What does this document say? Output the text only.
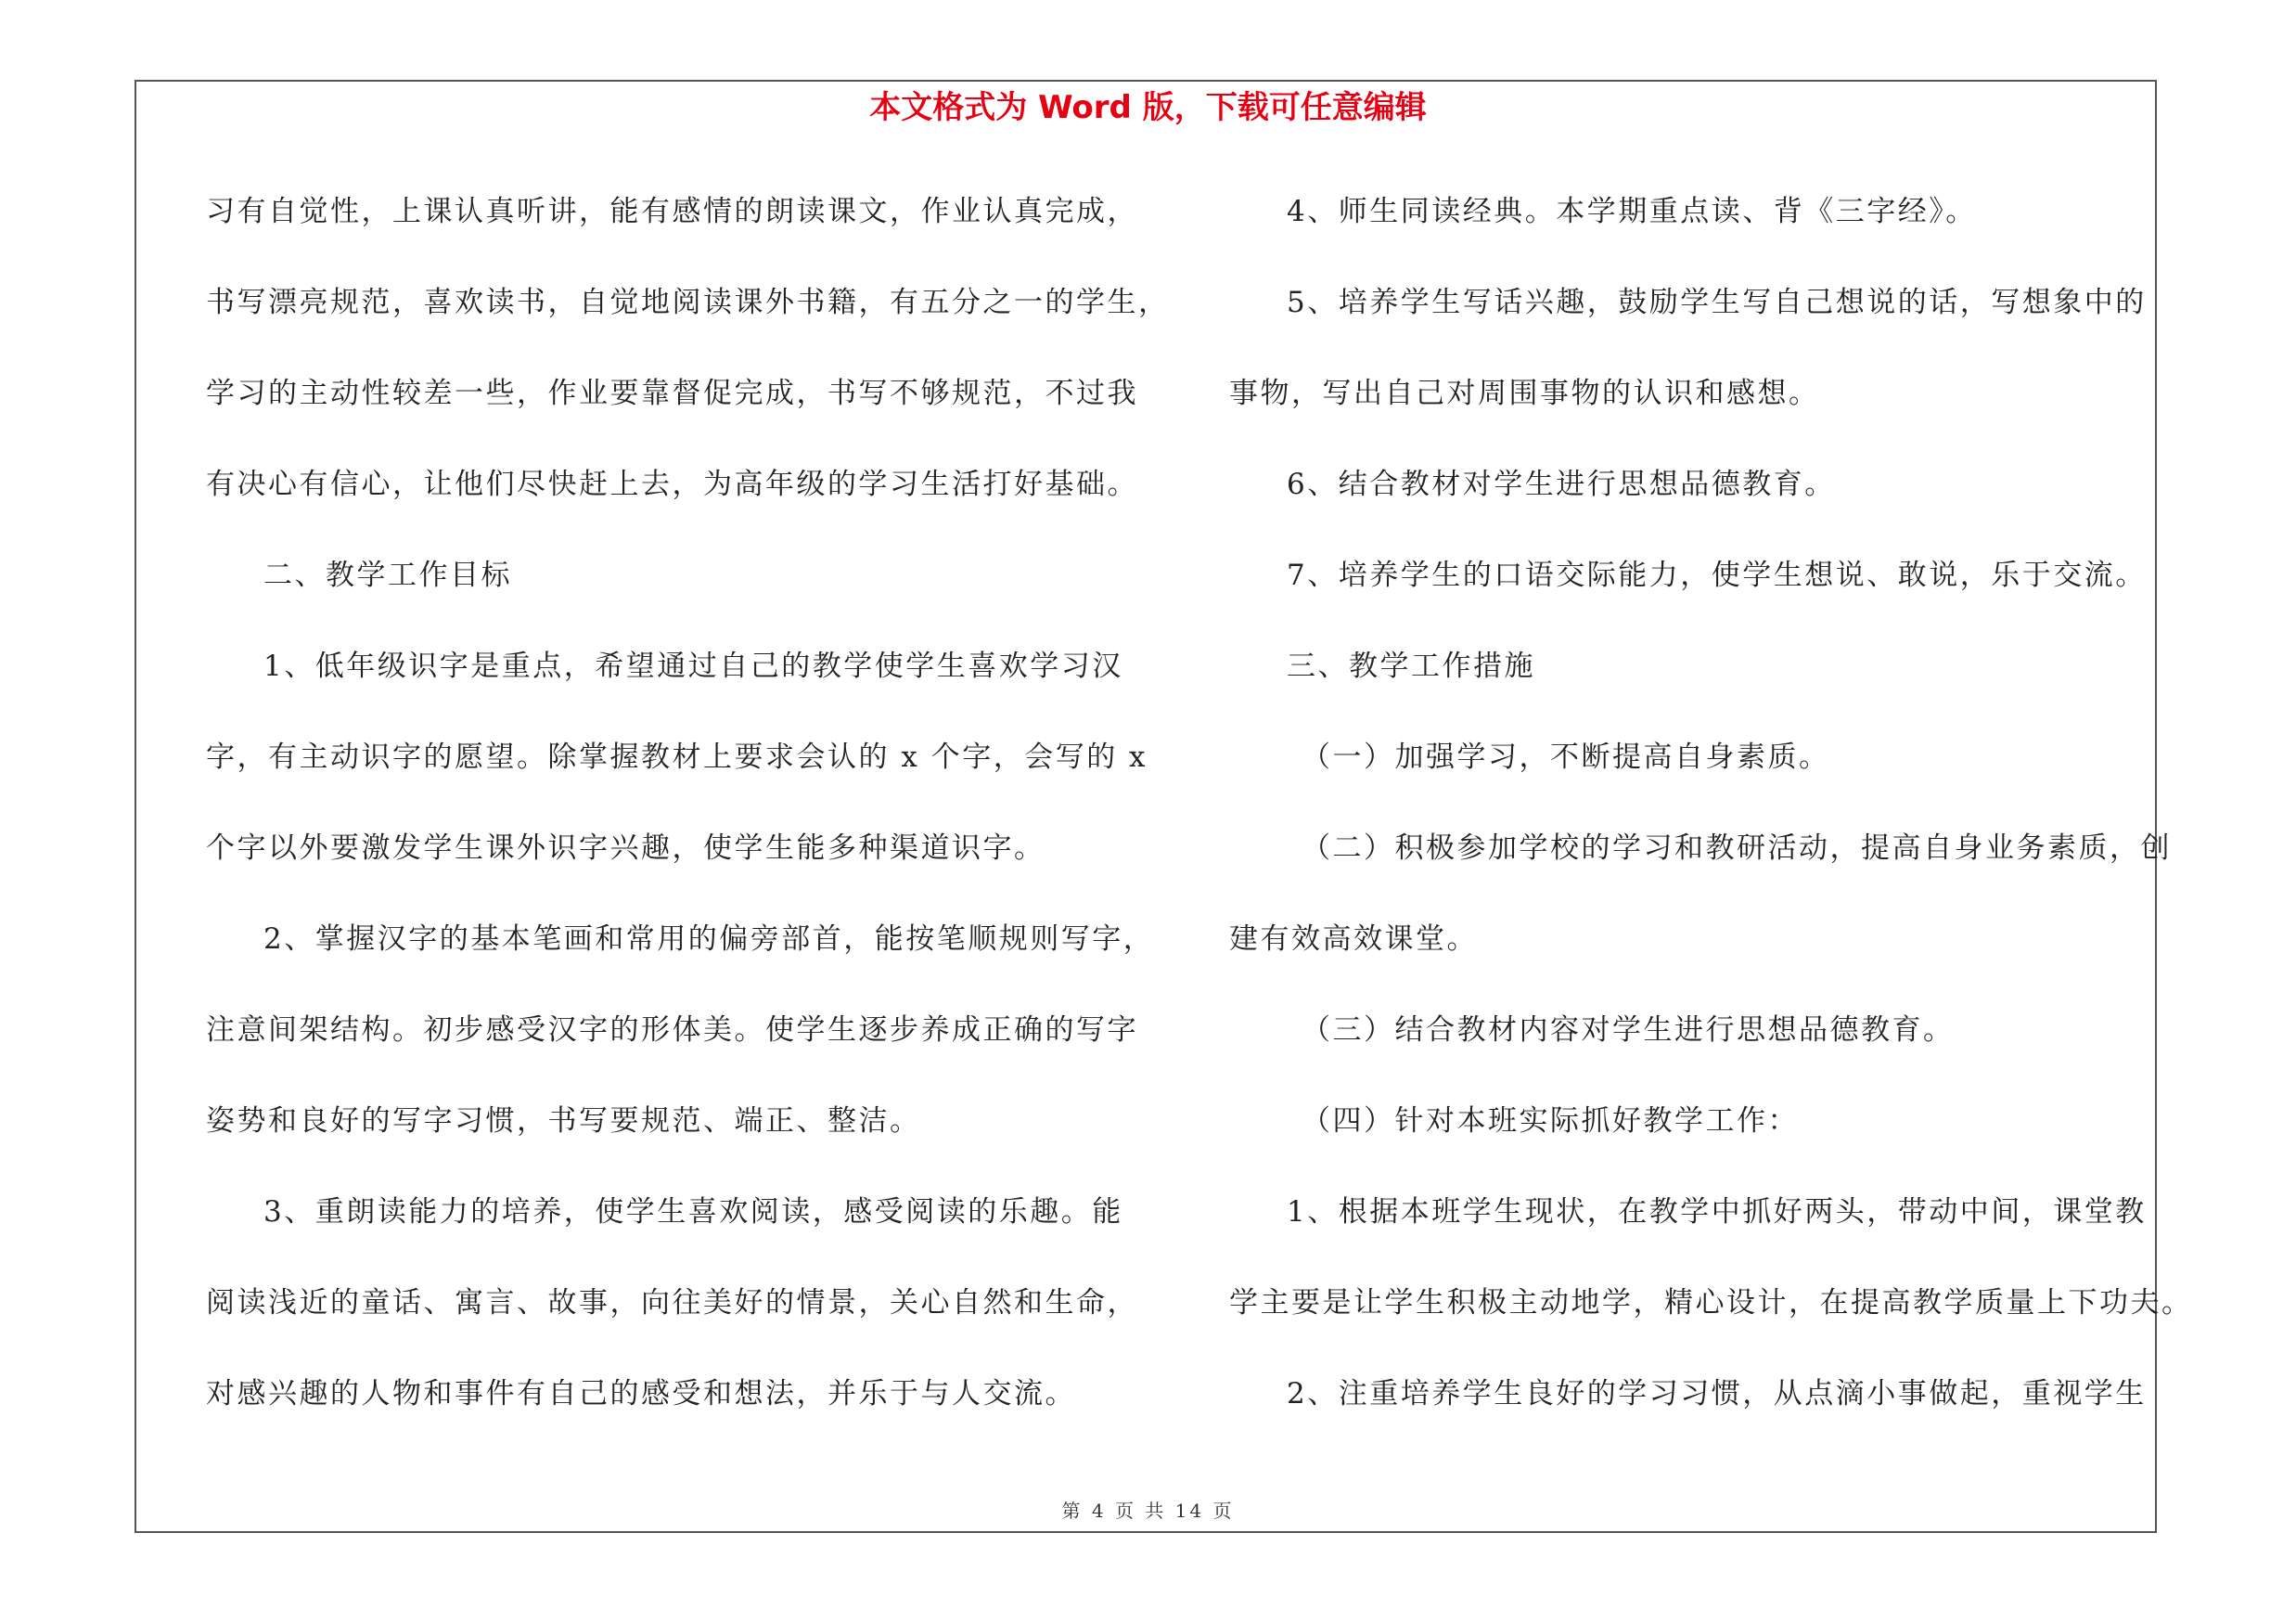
本文格式为 Word 版，下载可任意编辑
习有自觉性，上课认真听讲，能有感情的朗读课文，作业认真完成，
书写漂亮规范，喜欢读书，自觉地阅读课外书籍，有五分之一的学生，
学习的主动性较差一些，作业要靠督促完成，书写不够规范，不过我
有决心有信心，让他们尽快赶上去，为高年级的学习生活打好基础。
二、教学工作目标
1、低年级识字是重点，希望通过自己的教学使学生喜欢学习汉
字，有主动识字的愿望。除掌握教材上要求会认的 x 个字，会写的 x
个字以外要激发学生课外识字兴趣，使学生能多种渠道识字。
2、掌握汉字的基本笔画和常用的偏旁部首，能按笔顺规则写字，
注意间架结构。初步感受汉字的形体美。使学生逐步养成正确的写字
姿势和良好的写字习惯，书写要规范、端正、整洁。
3、重朗读能力的培养，使学生喜欢阅读，感受阅读的乐趣。能
阅读浅近的童话、寓言、故事，向往美好的情景，关心自然和生命，
对感兴趣的人物和事件有自己的感受和想法，并乐于与人交流。
4、师生同读经典。本学期重点读、背《三字经》。
5、培养学生写话兴趣，鼓励学生写自己想说的话，写想象中的
事物，写出自己对周围事物的认识和感想。
6、结合教材对学生进行思想品德教育。
7、培养学生的口语交际能力，使学生想说、敢说，乐于交流。
三、教学工作措施
（一）加强学习，不断提高自身素质。
（二）积极参加学校的学习和教研活动，提高自身业务素质，创
建有效高效课堂。
（三）结合教材内容对学生进行思想品德教育。
（四）针对本班实际抓好教学工作：
1、根据本班学生现状，在教学中抓好两头，带动中间，课堂教
学主要是让学生积极主动地学，精心设计，在提高教学质量上下功夫。
2、注重培养学生良好的学习习惯，从点滴小事做起，重视学生
第 4 页 共 14 页
